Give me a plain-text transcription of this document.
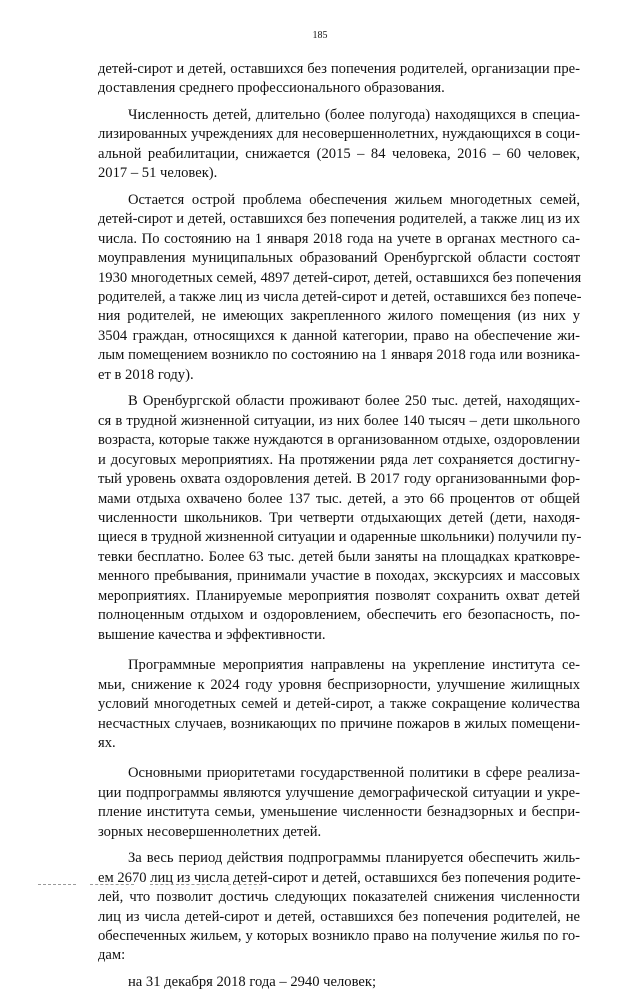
185
детей-сирот и детей, оставшихся без попечения родителей, организации пре-
доставления среднего профессионального образования.
Численность детей, длительно (более полугода) находящихся в специа-
лизированных учреждениях для несовершеннолетних, нуждающихся в соци-
альной реабилитации, снижается (2015 – 84 человека, 2016 – 60 человек,
2017 – 51 человек).
Остается острой проблема обеспечения жильем многодетных семей,
детей-сирот и детей, оставшихся без попечения родителей, а также лиц из их
числа. По состоянию на 1 января 2018 года на учете в органах местного са-
моуправления муниципальных образований Оренбургской области состоят
1930 многодетных семей, 4897 детей-сирот, детей, оставшихся без попечения
родителей, а также лиц из числа детей-сирот и детей, оставшихся без попече-
ния родителей, не имеющих закрепленного жилого помещения (из них у
3504 граждан, относящихся к данной категории, право на обеспечение жи-
лым помещением возникло по состоянию на 1 января 2018 года или возника-
ет в 2018 году).
В Оренбургской области проживают более 250 тыс. детей, находящих-
ся в трудной жизненной ситуации, из них более 140 тысяч – дети школьного
возраста, которые также нуждаются в организованном отдыхе, оздоровлении
и досуговых мероприятиях. На протяжении ряда лет сохраняется достигну-
тый уровень охвата оздоровления детей. В 2017 году организованными фор-
мами отдыха охвачено более 137 тыс. детей, а это 66 процентов от общей
численности школьников. Три четверти отдыхающих детей (дети, находя-
щиеся в трудной жизненной ситуации и одаренные школьники) получили пу-
тевки бесплатно. Более 63 тыс. детей были заняты на площадках кратковре-
менного пребывания, принимали участие в походах, экскурсиях и массовых
мероприятиях. Планируемые мероприятия позволят сохранить охват детей
полноценным отдыхом и оздоровлением, обеспечить его безопасность, по-
вышение качества и эффективности.
Программные мероприятия направлены на укрепление института се-
мьи, снижение к 2024 году уровня беспризорности, улучшение жилищных
условий многодетных семей и детей-сирот, а также сокращение количества
несчастных случаев, возникающих по причине пожаров в жилых помещени-
ях.
Основными приоритетами государственной политики в сфере реализа-
ции подпрограммы являются улучшение демографической ситуации и укре-
пление института семьи, уменьшение численности безнадзорных и беспри-
зорных несовершеннолетних детей.
За весь период действия подпрограммы планируется обеспечить жиль-
ем 2670 лиц из числа детей-сирот и детей, оставшихся без попечения родите-
лей, что позволит достичь следующих показателей снижения численности
лиц из числа детей-сирот и детей, оставшихся без попечения родителей, не
обеспеченных жильем, у которых возникло право на получение жилья по го-
дам:
на 31 декабря 2018 года – 2940 человек;
